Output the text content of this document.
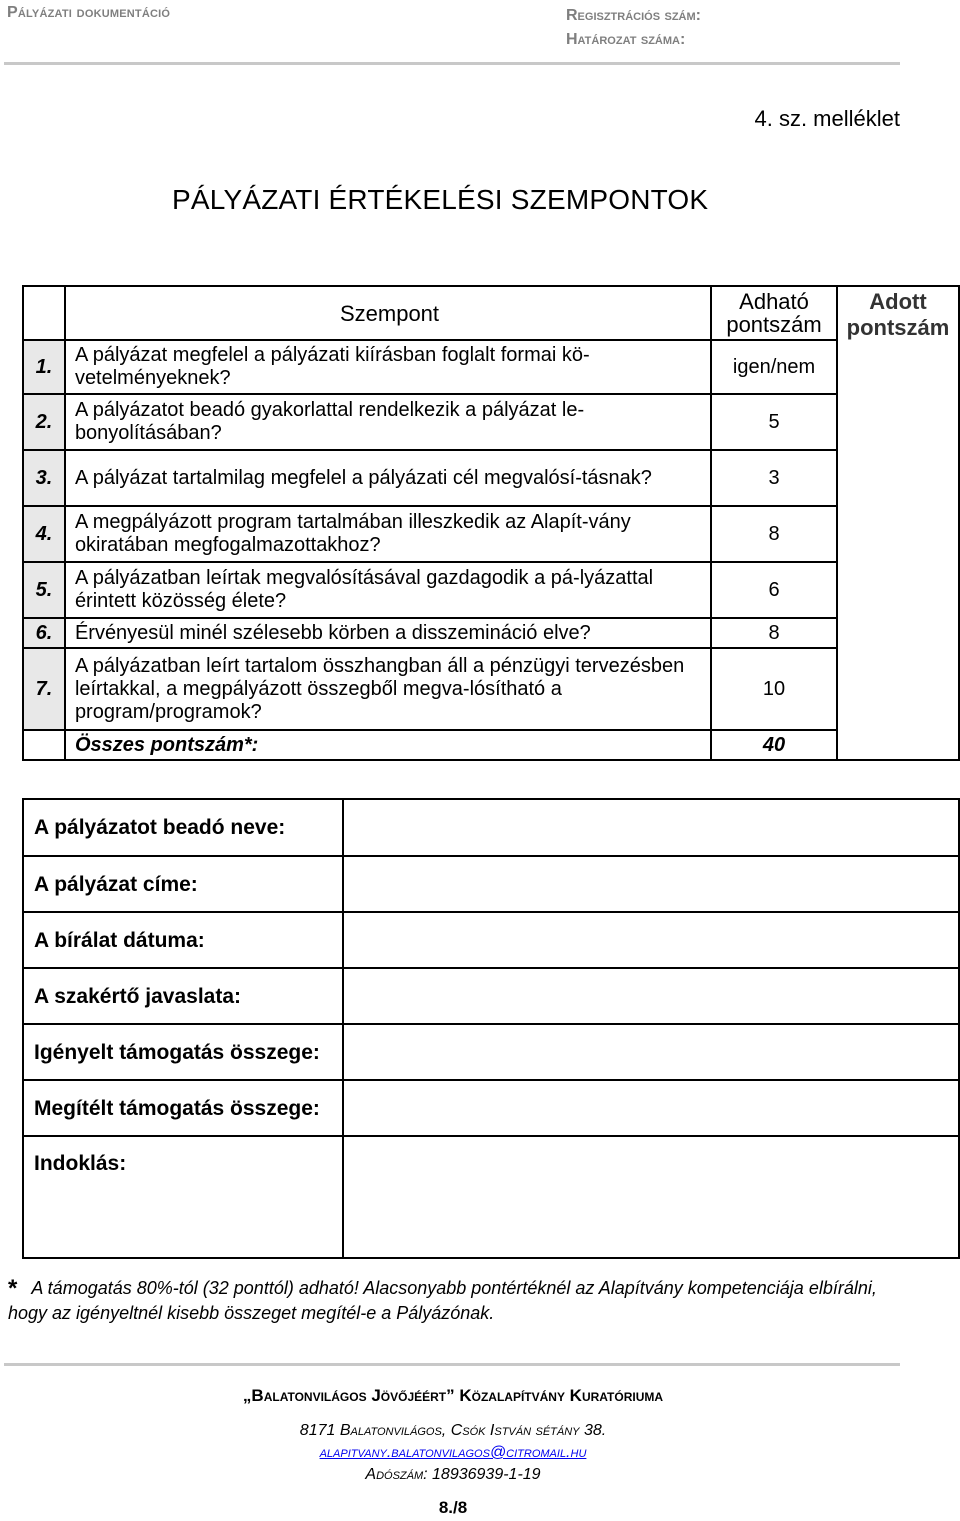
Pályázati dokumentáció	Regisztrációs szám:
Határozat száma:
4. sz. melléklet
PÁLYÁZATI ÉRTÉKELÉSI SZEMPONTOK
	Szempont	Adható pontszám	Adott pontszám
1.	A pályázat megfelel a pályázati kiírásban foglalt formai kö-vetelményeknek?	igen/nem	
2.	A pályázatot beadó gyakorlattal rendelkezik a pályázat le-bonyolításában?	5	
3.	A pályázat tartalmilag megfelel a pályázati cél megvalósí-tásnak?	3	
4.	A megpályázott program tartalmában illeszkedik az Alapít-vány okiratában megfogalmazottakhoz?	8	
5.	A pályázatban leírtak megvalósításával gazdagodik a pá-lyázattal érintett közösség élete?	6	
6.	Érvényesül minél szélesebb körben a disszemináció elve?	8	
7.	A pályázatban leírt tartalom összhangban áll a pénzügyi tervezésben leírtakkal, a megpályázott összegből megva-lósítható a program/programok?	10	
	Összes pontszám*:	40	
A pályázatot beadó neve:	
A pályázat címe:	
A bírálat dátuma:	
A szakértő javaslata:	
Igényelt támogatás összege:	
Megítélt támogatás összege:	
Indoklás:	
* A támogatás 80%-tól (32 ponttól) adható! Alacsonyabb pontértéknél az Alapítvány kompetenciája elbírálni, hogy az igényeltnél kisebb összeget megítél-e a Pályázónak.
„Balatonvilágos Jövőjéért” Közalapítvány Kuratóriuma
8171 Balatonvilágos, Csók István sétány 38.
alapitvany.balatonvilagos@citromail.hu
Adószám: 18936939-1-19
8./8
